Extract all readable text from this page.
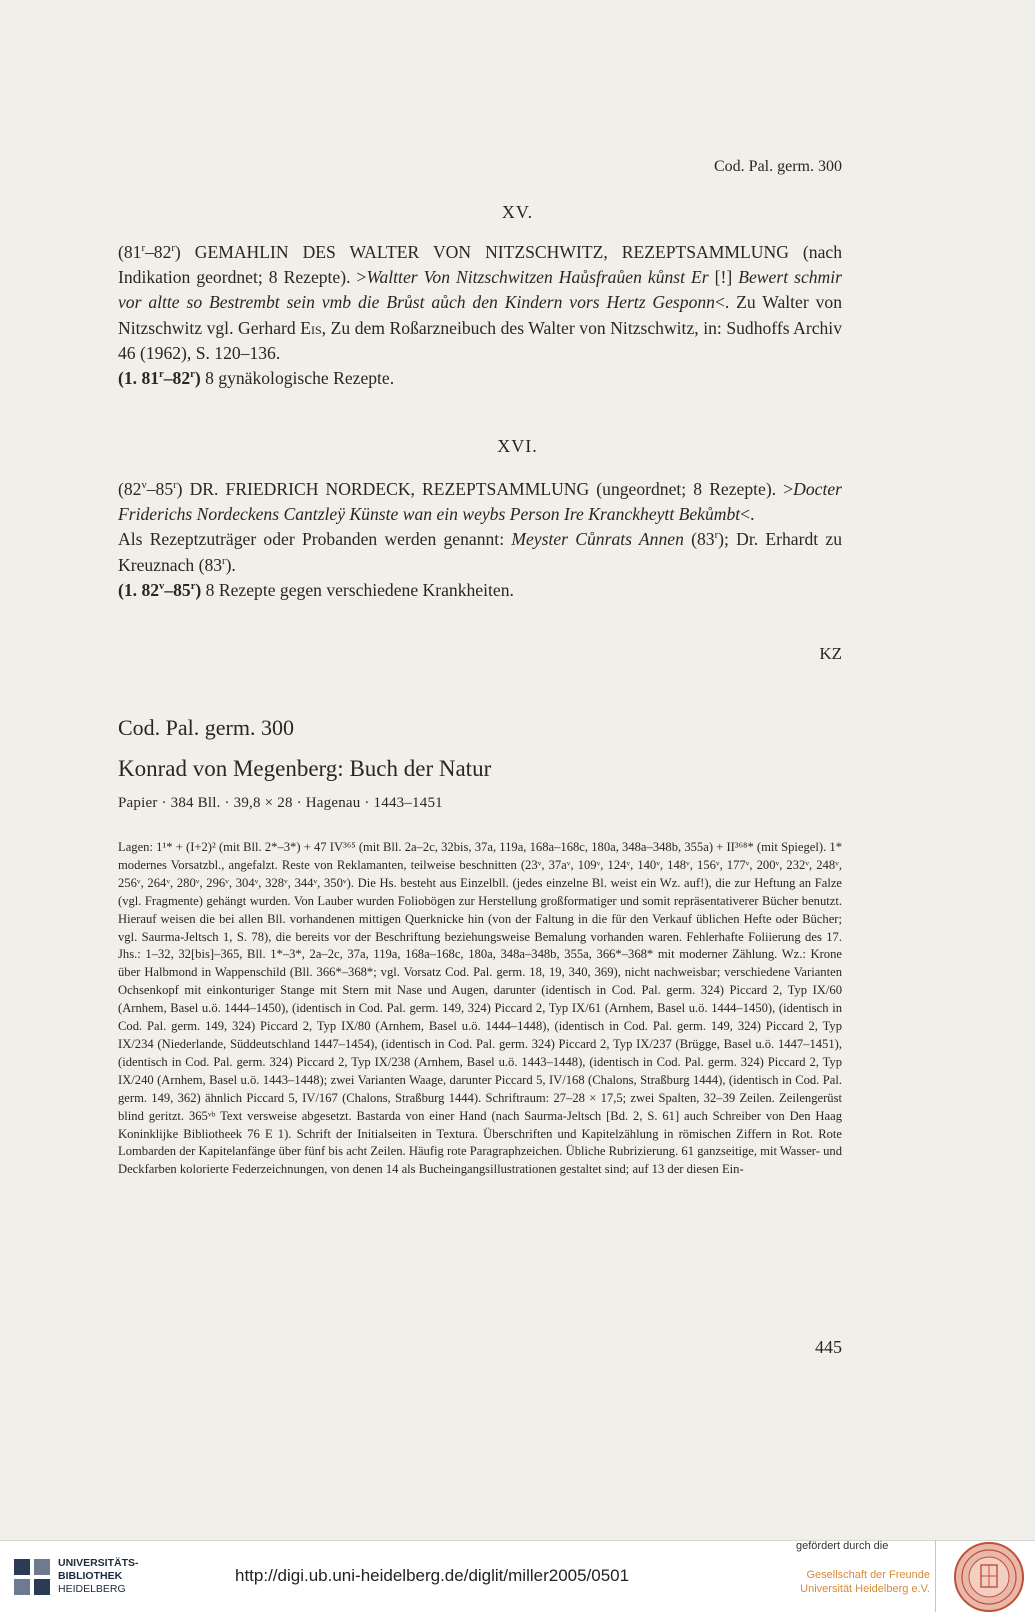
Cod. Pal. germ. 300
XV.

(81$^r$–82$^r$) GEMAHLIN DES WALTER VON NITZSCHWITZ, REZEPTSAMMLUNG (nach Indikation geordnet; 8 Rezepte). >Waltter Von Nitzschwitzen Haůsfraůen kůnst Er [!] Bewert schmir vor altte so Bestrembt sein vmb die Brůst aůch den Kindern vors Hertz Gesponn<. Zu Walter von Nitzschwitz vgl. Gerhard Eis, Zu dem Roßarzneibuch des Walter von Nitzschwitz, in: Sudhoffs Archiv 46 (1962), S. 120–136.
(1. 81$^r$–82$^r$) 8 gynäkologische Rezepte.

XVI.

(82$^v$–85$^r$) DR. FRIEDRICH NORDECK, REZEPTSAMMLUNG (ungeordnet; 8 Rezepte). >Docter Friderichs Nordeckens Cantzleÿ Künste wan ein weybs Person Ire Kranckheytt Bekůmbt<.
Als Rezeptzuträger oder Probanden werden genannt: Meyster Cůnrats Annen (83$^r$); Dr. Erhardt zu Kreuznach (83$^r$).
(1. 82$^v$–85$^r$) 8 Rezepte gegen verschiedene Krankheiten.

KZ
Cod. Pal. germ. 300
Konrad von Megenberg: Buch der Natur
Papier · 384 Bll. · 39,8 × 28 · Hagenau · 1443–1451

Lagen: 1¹* + (I+2)² (mit Bll. 2*–3*) + 47 IV³⁶⁵ (mit Bll. 2a–2c, 32bis, 37a, 119a, 168a–168c, 180a, 348a–348b, 355a) + II³⁶⁸* (mit Spiegel). 1* modernes Vorsatzbl., angefalzt. Reste von Reklamanten, teilweise beschnitten (23ᵛ, 37aᵛ, 109ᵛ, 124ᵛ, 140ᵛ, 148ᵛ, 156ᵛ, 177ᵛ, 200ᵛ, 232ᵛ, 248ᵛ, 256ᵛ, 264ᵛ, 280ᵛ, 296ᵛ, 304ᵛ, 328ᵛ, 344ᵛ, 350ᵛ). Die Hs. besteht aus Einzelbll. (jedes einzelne Bl. weist ein Wz. auf!), die zur Heftung an Falze (vgl. Fragmente) gehängt wurden. Von Lauber wurden Foliobögen zur Herstellung großformatiger und somit repräsentativerer Bücher benutzt. Hierauf weisen die bei allen Bll. vorhandenen mittigen Querknicke hin (von der Faltung in die für den Verkauf üblichen Hefte oder Bücher; vgl. Saurma-Jeltsch 1, S. 78), die bereits vor der Beschriftung beziehungsweise Bemalung vorhanden waren. Fehlerhafte Foliierung des 17. Jhs.: 1–32, 32[bis]–365, Bll. 1*–3*, 2a–2c, 37a, 119a, 168a–168c, 180a, 348a–348b, 355a, 366*–368* mit moderner Zählung. Wz.: Krone über Halbmond in Wappenschild (Bll. 366*–368*; vgl. Vorsatz Cod. Pal. germ. 18, 19, 340, 369), nicht nachweisbar; verschiedene Varianten Ochsenkopf mit einkonturiger Stange mit Stern mit Nase und Augen, darunter (identisch in Cod. Pal. germ. 324) Piccard 2, Typ IX/60 (Arnhem, Basel u.ö. 1444–1450), (identisch in Cod. Pal. germ. 149, 324) Piccard 2, Typ IX/61 (Arnhem, Basel u.ö. 1444–1450), (identisch in Cod. Pal. germ. 149, 324) Piccard 2, Typ IX/80 (Arnhem, Basel u.ö. 1444–1448), (identisch in Cod. Pal. germ. 149, 324) Piccard 2, Typ IX/234 (Niederlande, Süddeutschland 1447–1454), (identisch in Cod. Pal. germ. 324) Piccard 2, Typ IX/237 (Brügge, Basel u.ö. 1447–1451), (identisch in Cod. Pal. germ. 324) Piccard 2, Typ IX/238 (Arnhem, Basel u.ö. 1443–1448), (identisch in Cod. Pal. germ. 324) Piccard 2, Typ IX/240 (Arnhem, Basel u.ö. 1443–1448); zwei Varianten Waage, darunter Piccard 5, IV/168 (Chalons, Straßburg 1444), (identisch in Cod. Pal. germ. 149, 362) ähnlich Piccard 5, IV/167 (Chalons, Straßburg 1444). Schriftraum: 27–28 × 17,5; zwei Spalten, 32–39 Zeilen. Zeilengerüst blind geritzt. 365ᵛᵇ Text versweise abgesetzt. Bastarda von einer Hand (nach Saurma-Jeltsch [Bd. 2, S. 61] auch Schreiber von Den Haag Koninklijke Bibliotheek 76 E 1). Schrift der Initialseiten in Textura. Überschriften und Kapitelzählung in römischen Ziffern in Rot. Rote Lombarden der Kapitelanfänge über fünf bis acht Zeilen. Häufig rote Paragraphzeichen. Übliche Rubrizierung. 61 ganzseitige, mit Wasser- und Deckfarben kolorierte Federzeichnungen, von denen 14 als Bucheingangsillustrationen gestaltet sind; auf 13 der diesen Ein-

445
UNIVERSITÄTS-
BIBLIOTHEK
HEIDELBERG
http://digi.ub.uni-heidelberg.de/diglit/miller2005/0501
gefördert durch die
Gesellschaft der Freunde
Universität Heidelberg e.V.
